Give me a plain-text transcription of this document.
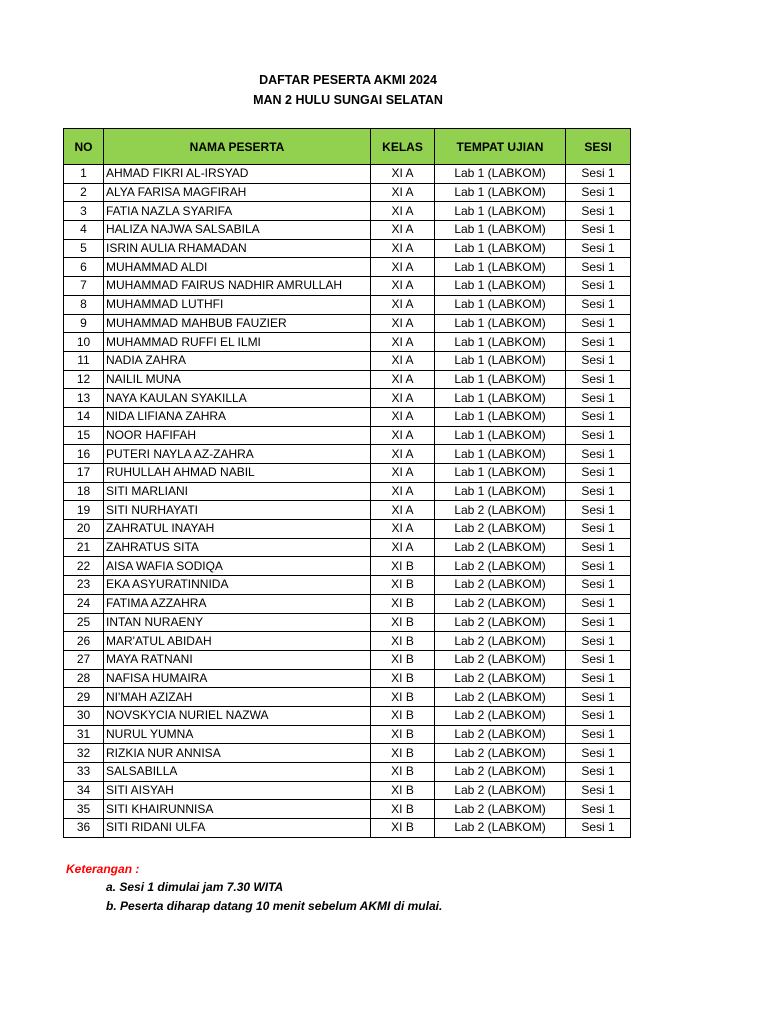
DAFTAR PESERTA AKMI 2024
MAN 2 HULU SUNGAI SELATAN
NO	NAMA PESERTA	KELAS	TEMPAT UJIAN	SESI
1	AHMAD FIKRI AL-IRSYAD	XI A	Lab 1 (LABKOM)	Sesi 1
2	ALYA FARISA MAGFIRAH	XI A	Lab 1 (LABKOM)	Sesi 1
3	FATIA NAZLA SYARIFA	XI A	Lab 1 (LABKOM)	Sesi 1
4	HALIZA NAJWA SALSABILA	XI A	Lab 1 (LABKOM)	Sesi 1
5	ISRIN AULIA RHAMADAN	XI A	Lab 1 (LABKOM)	Sesi 1
6	MUHAMMAD ALDI	XI A	Lab 1 (LABKOM)	Sesi 1
7	MUHAMMAD FAIRUS NADHIR AMRULLAH	XI A	Lab 1 (LABKOM)	Sesi 1
8	MUHAMMAD LUTHFI	XI A	Lab 1 (LABKOM)	Sesi 1
9	MUHAMMAD MAHBUB FAUZIER	XI A	Lab 1 (LABKOM)	Sesi 1
10	MUHAMMAD RUFFI EL ILMI	XI A	Lab 1 (LABKOM)	Sesi 1
11	NADIA ZAHRA	XI A	Lab 1 (LABKOM)	Sesi 1
12	NAILIL MUNA	XI A	Lab 1 (LABKOM)	Sesi 1
13	NAYA KAULAN SYAKILLA	XI A	Lab 1 (LABKOM)	Sesi 1
14	NIDA LIFIANA ZAHRA	XI A	Lab 1 (LABKOM)	Sesi 1
15	NOOR HAFIFAH	XI A	Lab 1 (LABKOM)	Sesi 1
16	PUTERI NAYLA AZ-ZAHRA	XI A	Lab 1 (LABKOM)	Sesi 1
17	RUHULLAH AHMAD NABIL	XI A	Lab 1 (LABKOM)	Sesi 1
18	SITI MARLIANI	XI A	Lab 1 (LABKOM)	Sesi 1
19	SITI NURHAYATI	XI A	Lab 2 (LABKOM)	Sesi 1
20	ZAHRATUL INAYAH	XI A	Lab 2 (LABKOM)	Sesi 1
21	ZAHRATUS SITA	XI A	Lab 2 (LABKOM)	Sesi 1
22	AISA WAFIA SODIQA	XI B	Lab 2 (LABKOM)	Sesi 1
23	EKA ASYURATINNIDA	XI B	Lab 2 (LABKOM)	Sesi 1
24	FATIMA AZZAHRA	XI B	Lab 2 (LABKOM)	Sesi 1
25	INTAN NURAENY	XI B	Lab 2 (LABKOM)	Sesi 1
26	MAR'ATUL ABIDAH	XI B	Lab 2 (LABKOM)	Sesi 1
27	MAYA RATNANI	XI B	Lab 2 (LABKOM)	Sesi 1
28	NAFISA HUMAIRA	XI B	Lab 2 (LABKOM)	Sesi 1
29	NI'MAH AZIZAH	XI B	Lab 2 (LABKOM)	Sesi 1
30	NOVSKYCIA NURIEL NAZWA	XI B	Lab 2 (LABKOM)	Sesi 1
31	NURUL YUMNA	XI B	Lab 2 (LABKOM)	Sesi 1
32	RIZKIA NUR ANNISA	XI B	Lab 2 (LABKOM)	Sesi 1
33	SALSABILLA	XI B	Lab 2 (LABKOM)	Sesi 1
34	SITI AISYAH	XI B	Lab 2 (LABKOM)	Sesi 1
35	SITI KHAIRUNNISA	XI B	Lab 2 (LABKOM)	Sesi 1
36	SITI RIDANI ULFA	XI B	Lab 2 (LABKOM)	Sesi 1
Keterangan :
a. Sesi 1 dimulai jam 7.30 WITA
b. Peserta diharap datang 10 menit sebelum AKMI di mulai.
